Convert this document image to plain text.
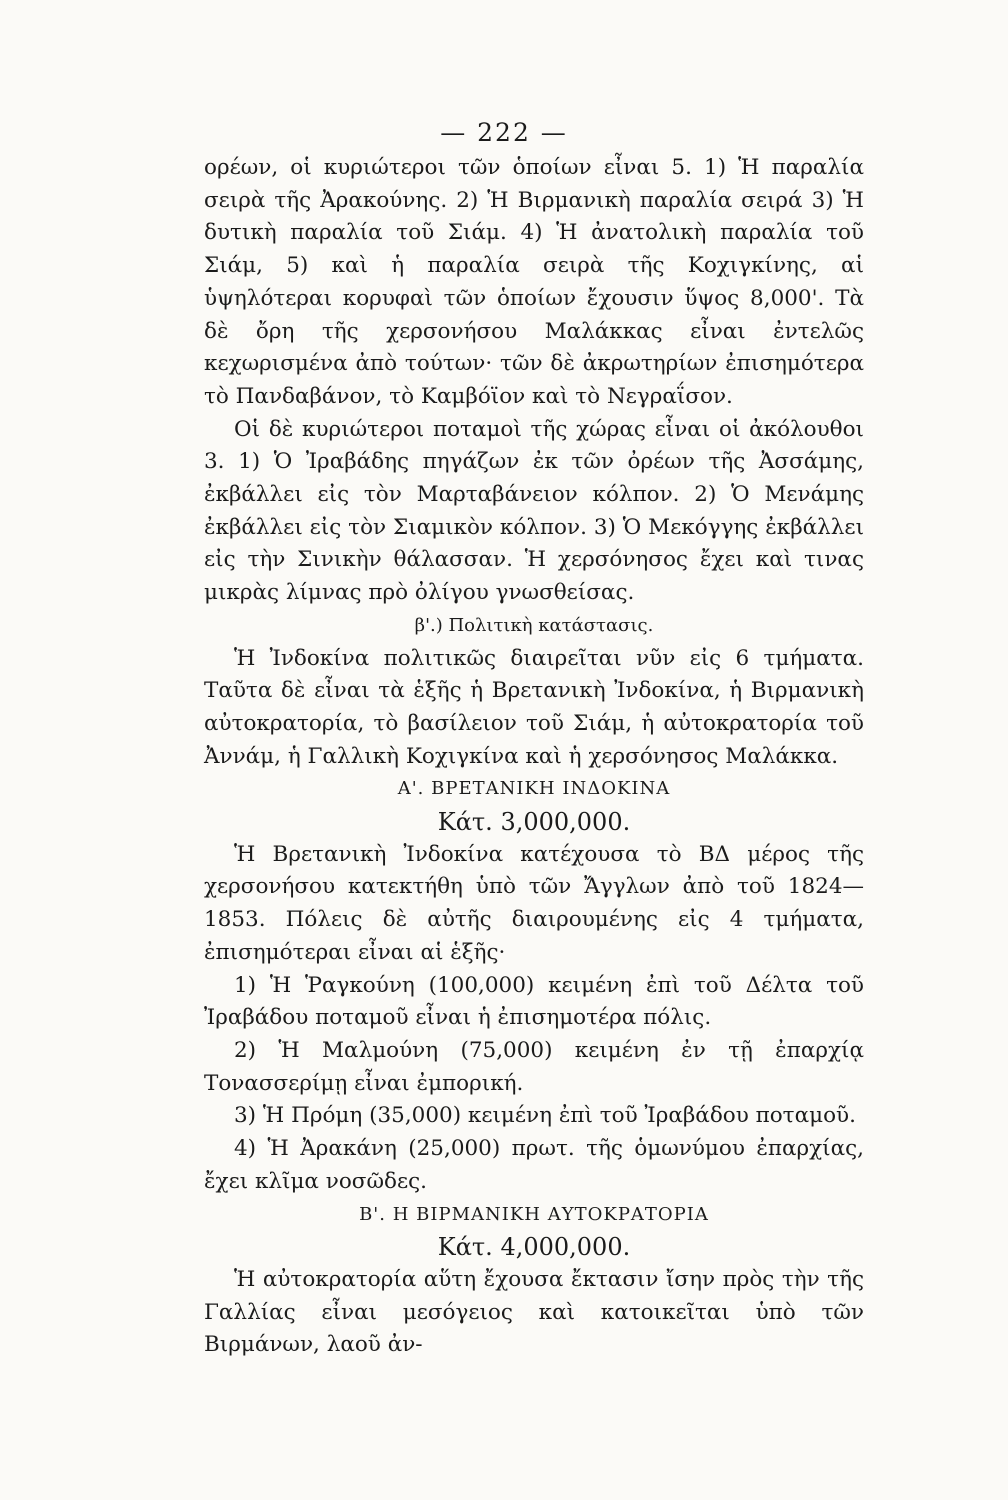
— 222 —

ορέων, οἱ κυριώτεροι τῶν ὁποίων εἶναι 5. 1) Ἡ παραλία σειρὰ τῆς Ἀρακούνης. 2) Ἡ Βιρμανικὴ παραλία σειρά 3) Ἡ δυτικὴ παραλία τοῦ Σιάμ. 4) Ἡ ἀνατολικὴ παραλία τοῦ Σιάμ, 5) καὶ ἡ παραλία σειρὰ τῆς Κοχιγκίνης, αἱ ὑψηλότεραι κορυφαὶ τῶν ὁποίων ἔχουσιν ὕψος 8,000'. Τὰ δὲ ὄρη τῆς χερσονήσου Μαλάκκας εἶναι ἐντελῶς κεχωρισμένα ἀπὸ τούτων· τῶν δὲ ἀκρωτηρίων ἐπισημότερα τὸ Πανδαβάνον, τὸ Καμβόϊον καὶ τὸ Νεγραΐσον.

Οἱ δὲ κυριώτεροι ποταμοὶ τῆς χώρας εἶναι οἱ ἀκόλουθοι 3. 1) Ὁ Ἰραβάδης πηγάζων ἐκ τῶν ὀρέων τῆς Ἀσσάμης, ἐκβάλλει εἰς τὸν Μαρταβάνειον κόλπον. 2) Ὁ Μενάμης ἐκβάλλει εἰς τὸν Σιαμικὸν κόλπον. 3) Ὁ Μεκόγγης ἐκβάλλει εἰς τὴν Σινικὴν θάλασσαν. Ἡ χερσόνησος ἔχει καὶ τινας μικρὰς λίμνας πρὸ ὀλίγου γνωσθείσας.

β'.) Πολιτικὴ κατάστασις.

Ἡ Ἰνδοκίνα πολιτικῶς διαιρεῖται νῦν εἰς 6 τμήματα. Ταῦτα δὲ εἶναι τὰ ἑξῆς ἡ Βρετανικὴ Ἰνδοκίνα, ἡ Βιρμανικὴ αὐτοκρατορία, τὸ βασίλειον τοῦ Σιάμ, ἡ αὐτοκρατορία τοῦ Ἀννάμ, ἡ Γαλλικὴ Κοχιγκίνα καὶ ἡ χερσόνησος Μαλάκκα.

Α'. ΒΡΕΤΑΝΙΚΗ ΙΝΔΟΚΙΝΑ

Κάτ. 3,000,000.

Ἡ Βρετανικὴ Ἰνδοκίνα κατέχουσα τὸ ΒΔ μέρος τῆς χερσονήσου κατεκτήθη ὑπὸ τῶν Ἄγγλων ἀπὸ τοῦ 1824—1853. Πόλεις δὲ αὐτῆς διαιρουμένης εἰς 4 τμήματα, ἐπισημότεραι εἶναι αἱ ἑξῆς·

1) Ἡ Ῥαγκούνη (100,000) κειμένη ἐπὶ τοῦ Δέλτα τοῦ Ἰραβάδου ποταμοῦ εἶναι ἡ ἐπισημοτέρα πόλις.

2) Ἡ Μαλμούνη (75,000) κειμένη ἐν τῇ ἐπαρχίᾳ Τονασσερίμῃ εἶναι ἐμπορική.

3) Ἡ Πρόμη (35,000) κειμένη ἐπὶ τοῦ Ἰραβάδου ποταμοῦ.

4) Ἡ Ἀρακάνη (25,000) πρωτ. τῆς ὁμωνύμου ἐπαρχίας, ἔχει κλῖμα νοσῶδες.

Β'. Η ΒΙΡΜΑΝΙΚΗ ΑΥΤΟΚΡΑΤΟΡΙΑ

Κάτ. 4,000,000.

Ἡ αὐτοκρατορία αὕτη ἔχουσα ἔκτασιν ἴσην πρὸς τὴν τῆς Γαλλίας εἶναι μεσόγειος καὶ κατοικεῖται ὑπὸ τῶν Βιρμάνων, λαοῦ ἀν-
